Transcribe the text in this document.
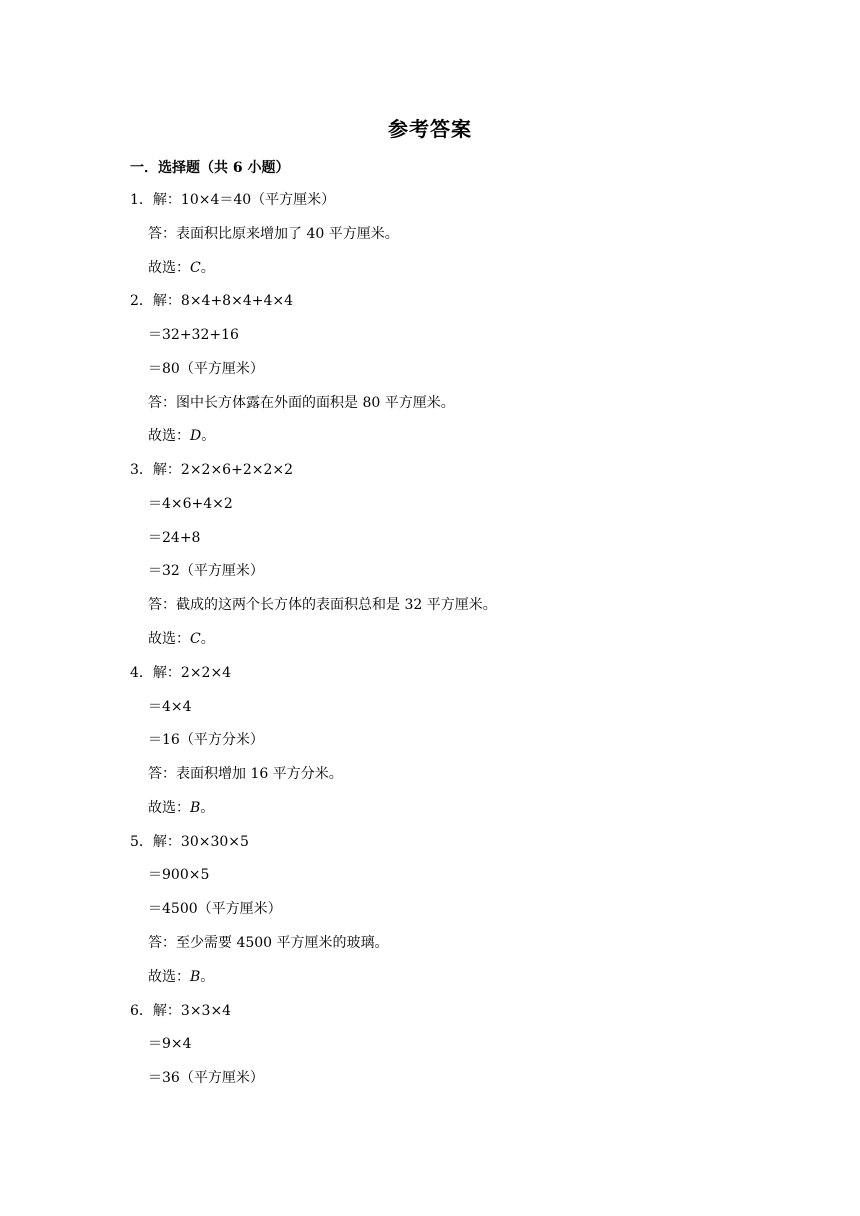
参考答案
一．选择题（共 6 小题）
1．解：10×4＝40（平方厘米）
答：表面积比原来增加了 40 平方厘米。
故选：C。
2．解：8×4+8×4+4×4
＝32+32+16
＝80（平方厘米）
答：图中长方体露在外面的面积是 80 平方厘米。
故选：D。
3．解：2×2×6+2×2×2
＝4×6+4×2
＝24+8
＝32（平方厘米）
答：截成的这两个长方体的表面积总和是 32 平方厘米。
故选：C。
4．解：2×2×4
＝4×4
＝16（平方分米）
答：表面积增加 16 平方分米。
故选：B。
5．解：30×30×5
＝900×5
＝4500（平方厘米）
答：至少需要 4500 平方厘米的玻璃。
故选：B。
6．解：3×3×4
＝9×4
＝36（平方厘米）
